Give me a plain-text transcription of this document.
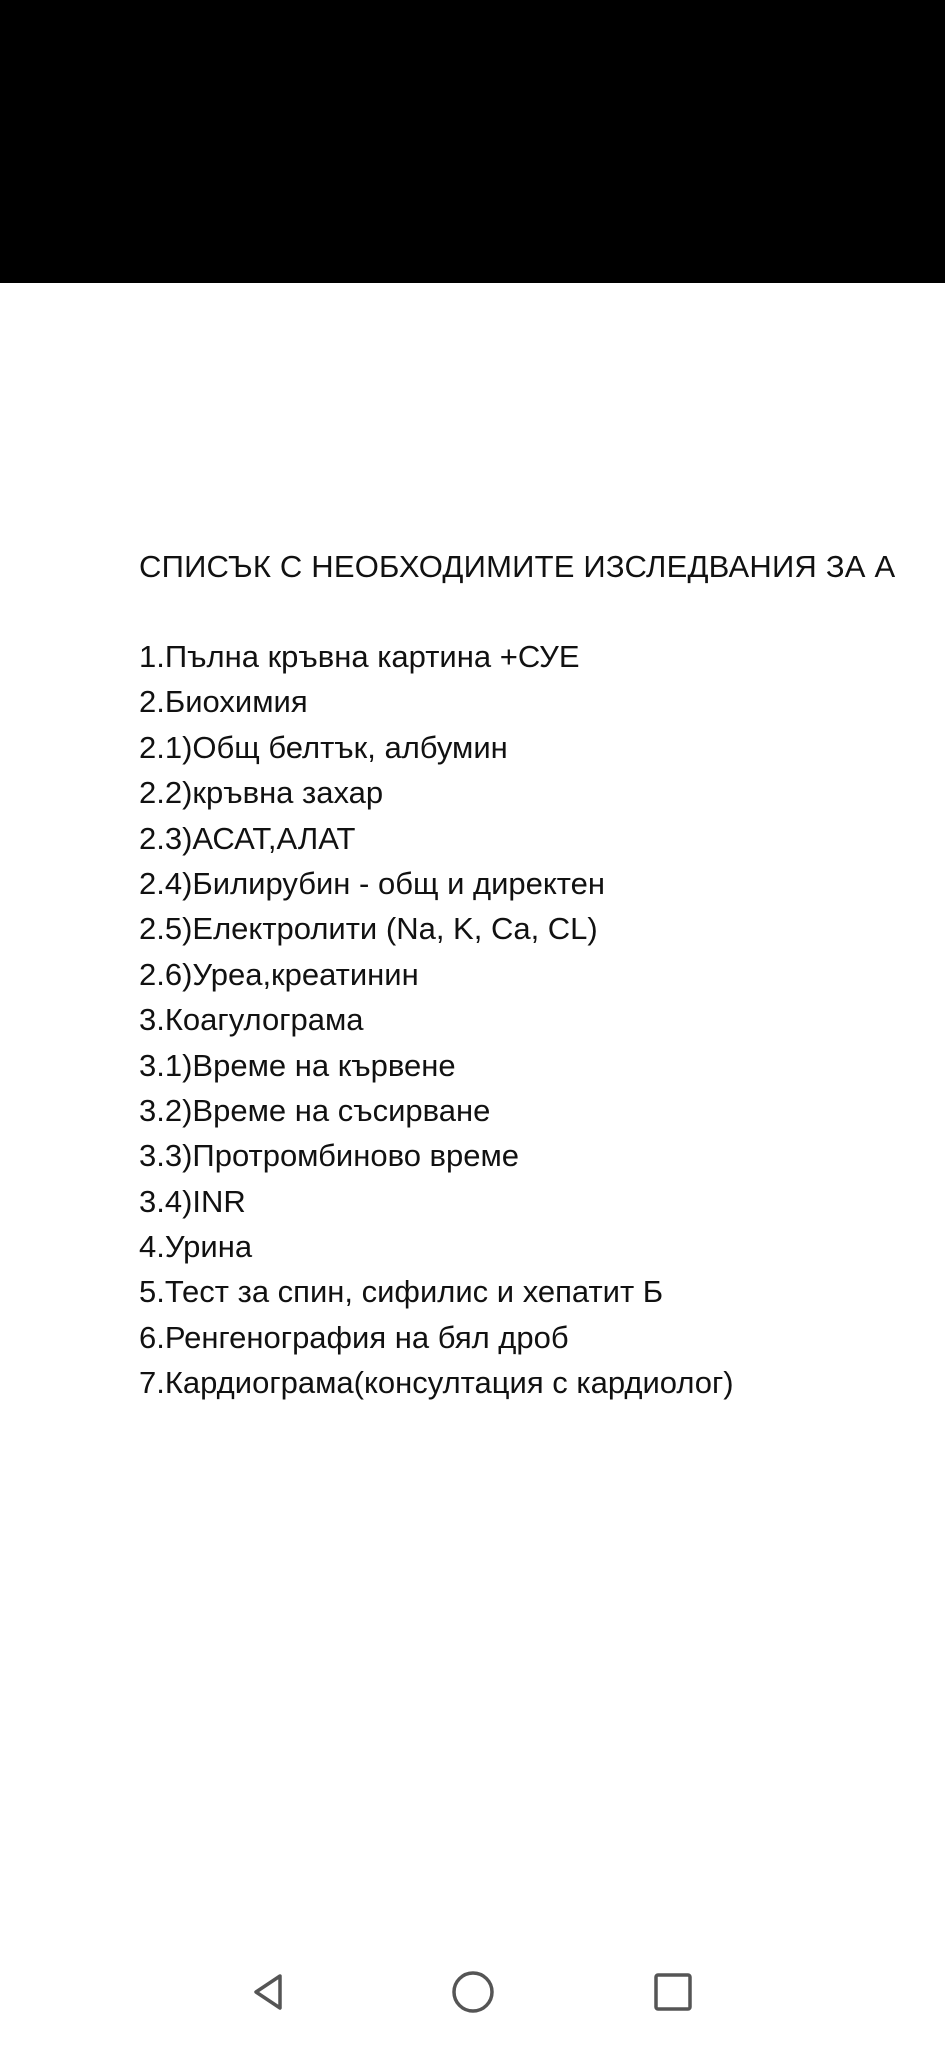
СПИСЪК С НЕОБХОДИМИТЕ ИЗСЛЕДВАНИЯ ЗА А
1.Пълна кръвна картина +СУЕ
2.Биохимия
2.1)Общ белтък, албумин
2.2)кръвна захар
2.3)АСАТ,АЛАТ
2.4)Билирубин - общ и директен
2.5)Електролити (Na, K, Ca, CL)
2.6)Уреа,креатинин
3.Коагулограма
3.1)Време на кървене
3.2)Време на съсирване
3.3)Протромбиново време
3.4)INR
4.Урина
5.Тест за спин, сифилис и хепатит Б
6.Ренгенография на бял дроб
7.Кардиограма(консултация с кардиолог)
